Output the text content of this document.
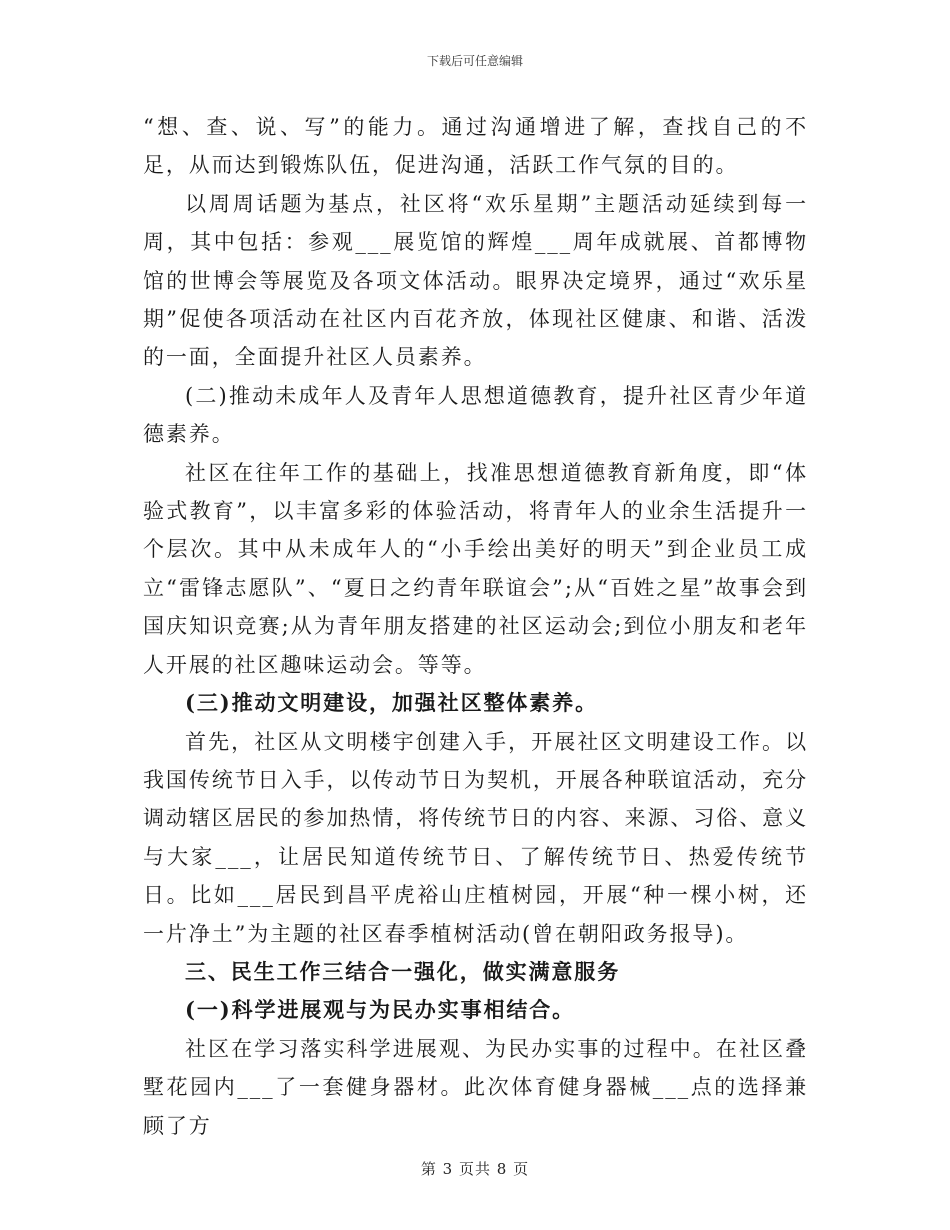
下载后可任意编辑

“想、查、说、写”的能力。通过沟通增进了解，查找自己的不足，从而达到锻炼队伍，促进沟通，活跃工作气氛的目的。

以周周话题为基点，社区将“欢乐星期”主题活动延续到每一周，其中包括：参观___展览馆的辉煌___周年成就展、首都博物馆的世博会等展览及各项文体活动。眼界决定境界，通过“欢乐星期”促使各项活动在社区内百花齐放，体现社区健康、和谐、活泼的一面，全面提升社区人员素养。

(二)推动未成年人及青年人思想道德教育，提升社区青少年道德素养。

社区在往年工作的基础上，找准思想道德教育新角度，即“体验式教育”，以丰富多彩的体验活动，将青年人的业余生活提升一个层次。其中从未成年人的“小手绘出美好的明天”到企业员工成立“雷锋志愿队”、“夏日之约青年联谊会”;从“百姓之星”故事会到国庆知识竞赛;从为青年朋友搭建的社区运动会;到位小朋友和老年人开展的社区趣味运动会。等等。

(三)推动文明建设，加强社区整体素养。

首先，社区从文明楼宇创建入手，开展社区文明建设工作。以我国传统节日入手，以传动节日为契机，开展各种联谊活动，充分调动辖区居民的参加热情，将传统节日的内容、来源、习俗、意义与大家___，让居民知道传统节日、了解传统节日、热爱传统节日。比如___居民到昌平虎裕山庄植树园，开展“种一棵小树，还一片净土”为主题的社区春季植树活动(曾在朝阳政务报导)。

三、民生工作三结合一强化，做实满意服务

(一)科学进展观与为民办实事相结合。

社区在学习落实科学进展观、为民办实事的过程中。在社区叠墅花园内___了一套健身器材。此次体育健身器械___点的选择兼顾了方

第 3 页共 8 页
